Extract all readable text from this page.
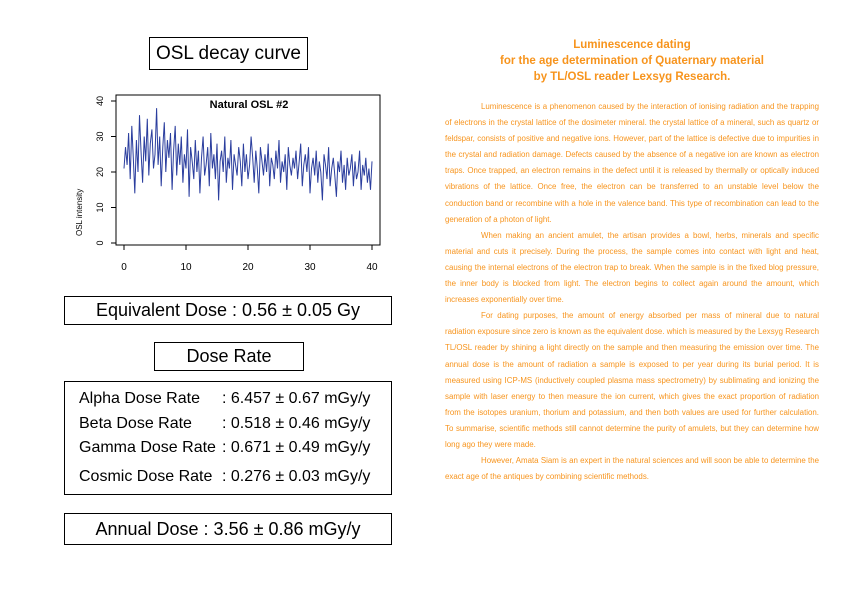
OSL decay curve
Natural OSL #2
OSL intensity
0	10	20	30	40
0
10
20
30
40
Equivalent Dose : 0.56 ± 0.05 Gy
Dose Rate
Alpha Dose Rate : 6.457 ± 0.67 mGy/y
Beta Dose Rate : 0.518 ± 0.46 mGy/y
Gamma Dose Rate : 0.671 ± 0.49 mGy/y
Cosmic Dose Rate : 0.276 ± 0.03 mGy/y
Annual Dose : 3.56 ± 0.86 mGy/y
Luminescence dating
for the age determination of Quaternary material
by TL/OSL reader Lexsyg Research.

Luminescence is a phenomenon caused by the interaction of ionising radiation and the trapping of electrons in the crystal lattice of the dosimeter mineral. the crystal lattice of a mineral, such as quartz or feldspar, consists of positive and negative ions. However, part of the lattice is defective due to impurities in the crystal and radiation damage. Defects caused by the absence of a negative ion are known as electron traps. Once trapped, an electron remains in the defect until it is released by thermally or optically induced vibrations of the lattice. Once free, the electron can be transferred to an unstable level below the conduction band or recombine with a hole in the valence band. This type of recombination can lead to the generation of a photon of light.

When making an ancient amulet, the artisan provides a bowl, herbs, minerals and specific material and cuts it precisely. During the process, the sample comes into contact with light and heat, causing the internal electrons of the electron trap to break. When the sample is in the fixed blog pressure, the inner body is blocked from light. The electron begins to collect again around the amount, which increases exponentially over time.

For dating purposes, the amount of energy absorbed per mass of mineral due to natural radiation exposure since zero is known as the equivalent dose. which is measured by the Lexsyg Research TL/OSL reader by shining a light directly on the sample and then measuring the emission over time. The annual dose is the amount of radiation a sample is exposed to per year during its burial period. It is measured using ICP-MS (inductively coupled plasma mass spectrometry) by sublimating and ionizing the sample with laser energy to then measure the ion current, which gives the exact proportion of radiation from the isotopes uranium, thorium and potassium, and then both values are used for further calculation. To summarise, scientific methods still cannot determine the purity of amulets, but they can determine how long ago they were made.

However, Amata Siam is an expert in the natural sciences and will soon be able to determine the exact age of the antiques by combining scientific methods.
